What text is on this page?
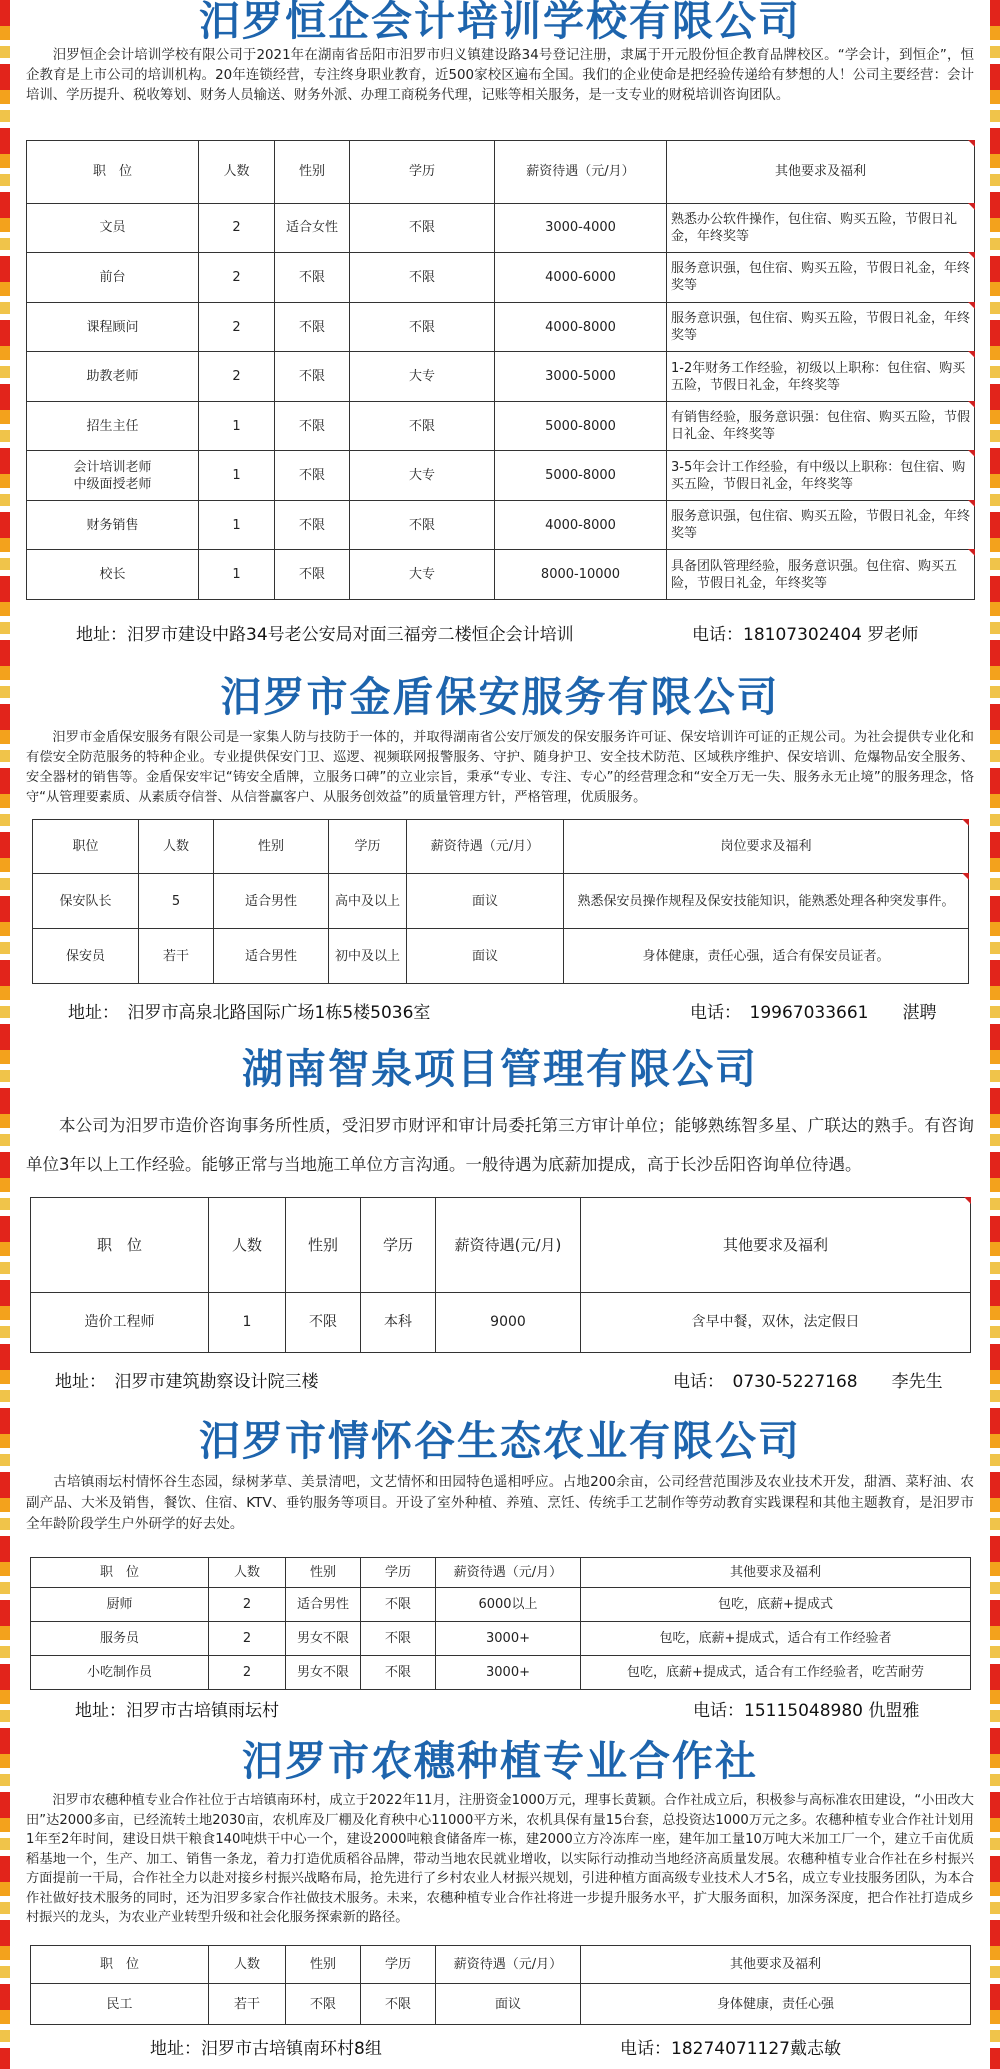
汨罗恒企会计培训学校有限公司

汨罗恒企会计培训学校有限公司于2021年在湖南省岳阳市汨罗市归义镇建设路34号登记注册，隶属于开元股份恒企教育品牌校区。“学会计，到恒企”，恒企教育是上市公司的培训机构。20年连锁经营，专注终身职业教育，近500家校区遍布全国。我们的企业使命是把经验传递给有梦想的人！公司主要经营：会计培训、学历提升、税收筹划、财务人员输送、财务外派、办理工商税务代理，记账等相关服务，是一支专业的财税培训咨询团队。

职　位	人数	性别	学历	薪资待遇（元/月）	其他要求及福利
文员	2	适合女性	不限	3000-4000	熟悉办公软件操作，包住宿、购买五险，节假日礼金，年终奖等
前台	2	不限	不限	4000-6000	服务意识强，包住宿、购买五险，节假日礼金，年终奖等
课程顾问	2	不限	不限	4000-8000	服务意识强，包住宿、购买五险，节假日礼金，年终奖等
助教老师	2	不限	大专	3000-5000	1-2年财务工作经验，初级以上职称：包住宿、购买五险，节假日礼金，年终奖等
招生主任	1	不限	不限	5000-8000	有销售经验，服务意识强：包住宿、购买五险，节假日礼金、年终奖等
会计培训老师
中级面授老师	1	不限	大专	5000-8000	3-5年会计工作经验，有中级以上职称：包住宿、购买五险，节假日礼金，年终奖等
财务销售	1	不限	不限	4000-8000	服务意识强，包住宿、购买五险，节假日礼金，年终奖等
校长	1	不限	大专	8000-10000	具备团队管理经验，服务意识强。包住宿、购买五险，节假日礼金，年终奖等
地址：汨罗市建设中路34号老公安局对面三福旁二楼恒企会计培训	电话：18107302404 罗老师
汨罗市金盾保安服务有限公司

汨罗市金盾保安服务有限公司是一家集人防与技防于一体的，并取得湖南省公安厅颁发的保安服务许可证、保安培训许可证的正规公司。为社会提供专业化和有偿安全防范服务的特种企业。专业提供保安门卫、巡逻、视频联网报警服务、守护、随身护卫、安全技术防范、区域秩序维护、保安培训、危爆物品安全服务、安全器材的销售等。金盾保安牢记“铸安全盾牌，立服务口碑”的立业宗旨，秉承“专业、专注、专心”的经营理念和“安全万无一失、服务永无止境”的服务理念，恪守“从管理要素质、从素质夺信誉、从信誉赢客户、从服务创效益”的质量管理方针，严格管理，优质服务。

职位	人数	性别	学历	薪资待遇（元/月）	岗位要求及福利
保安队长	5	适合男性	高中及以上	面议	熟悉保安员操作规程及保安技能知识，能熟悉处理各种突发事件。
保安员	若干	适合男性	初中及以上	面议	身体健康，责任心强，适合有保安员证者。
地址：　汨罗市高泉北路国际广场1栋5楼5036室	电话：　19967033661　　湛聘
湖南智泉项目管理有限公司

本公司为汨罗市造价咨询事务所性质，受汨罗市财评和审计局委托第三方审计单位；能够熟练智多星、广联达的熟手。有咨询单位3年以上工作经验。能够正常与当地施工单位方言沟通。一般待遇为底薪加提成，高于长沙岳阳咨询单位待遇。

职　位	人数	性别	学历	薪资待遇(元/月)	其他要求及福利
造价工程师	1	不限	本科	9000	含早中餐，双休，法定假日
地址：　汨罗市建筑勘察设计院三楼	电话：　0730-5227168　　李先生
汨罗市情怀谷生态农业有限公司

古培镇雨坛村情怀谷生态园，绿树茅草、美景清吧，文艺情怀和田园特色遥相呼应。占地200余亩，公司经营范围涉及农业技术开发，甜酒、菜籽油、农副产品、大米及销售，餐饮、住宿、KTV、垂钓服务等项目。开设了室外种植、养殖、烹饪、传统手工艺制作等劳动教育实践课程和其他主题教育，是汨罗市全年龄阶段学生户外研学的好去处。

职　位	人数	性别	学历	薪资待遇（元/月）	其他要求及福利
厨师	2	适合男性	不限	6000以上	包吃，底薪+提成式
服务员	2	男女不限	不限	3000+	包吃，底薪+提成式，适合有工作经验者
小吃制作员	2	男女不限	不限	3000+	包吃，底薪+提成式，适合有工作经验者，吃苦耐劳
地址：汨罗市古培镇雨坛村	电话：15115048980 仇盟雅
汨罗市农穗种植专业合作社

汨罗市农穗种植专业合作社位于古培镇南环村，成立于2022年11月，注册资金1000万元，理事长黄颖。合作社成立后，积极参与高标准农田建设，“小田改大田”达2000多亩，已经流转土地2030亩，农机库及厂棚及化育秧中心11000平方米，农机具保有量15台套，总投资达1000万元之多。农穗种植专业合作社计划用1年至2年时间，建设日烘干粮食140吨烘干中心一个，建设2000吨粮食储备库一栋，建2000立方冷冻库一座，建年加工量10万吨大米加工厂一个，建立千亩优质稻基地一个，生产、加工、销售一条龙，着力打造优质稻谷品牌，带动当地农民就业增收，以实际行动推动当地经济高质量发展。农穗种植专业合作社在乡村振兴方面提前一干局，合作社全力以赴对接乡村振兴战略布局，抢先进行了乡村农业人材振兴规划，引进种植方面高级专业技术人才5名，成立专业技服务团队，为本合作社做好技术服务的同时，还为汨罗多家合作社做技术服务。未来，农穗种植专业合作社将进一步提升服务水平，扩大服务面积，加深务深度，把合作社打造成乡村振兴的龙头，为农业产业转型升级和社会化服务探索新的路径。

职　位	人数	性别	学历	薪资待遇（元/月）	其他要求及福利
民工	若干	不限	不限	面议	身体健康，责任心强
地址：汨罗市古培镇南环村8组	电话：18274071127戴志敏
